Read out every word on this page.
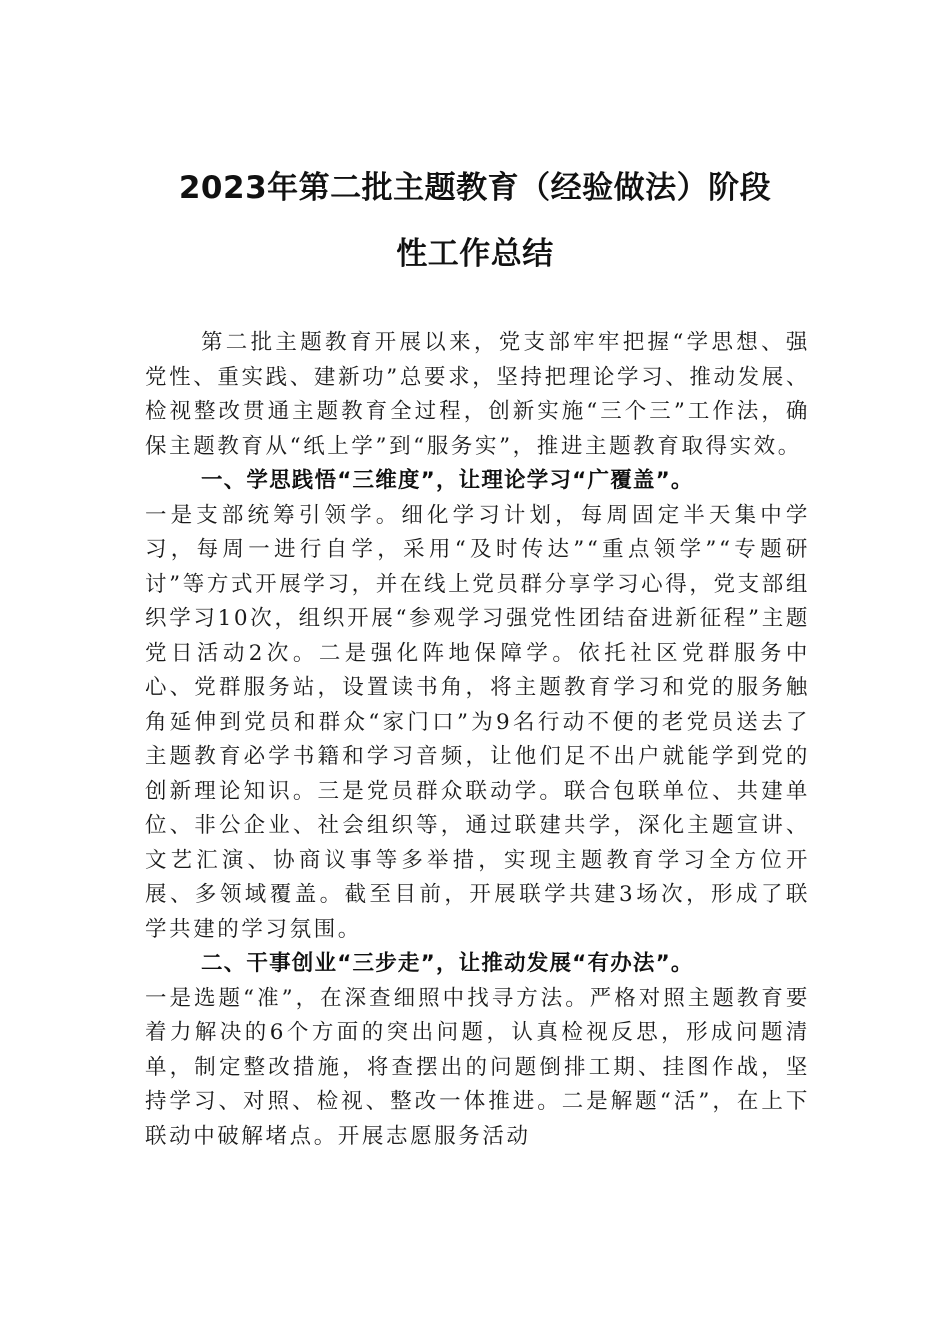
2023年第二批主题教育（经验做法）阶段
性工作总结

第二批主题教育开展以来，党支部牢牢把握“学思想、强党性、重实践、建新功”总要求，坚持把理论学习、推动发展、检视整改贯通主题教育全过程，创新实施“三个三”工作法，确保主题教育从“纸上学”到“服务实”，推进主题教育取得实效。

一、学思践悟“三维度”，让理论学习“广覆盖”。

一是支部统筹引领学。细化学习计划，每周固定半天集中学习，每周一进行自学，采用“及时传达”“重点领学”“专题研讨”等方式开展学习，并在线上党员群分享学习心得，党支部组织学习10次，组织开展“参观学习强党性团结奋进新征程”主题党日活动2次。二是强化阵地保障学。依托社区党群服务中心、党群服务站，设置读书角，将主题教育学习和党的服务触角延伸到党员和群众“家门口”为9名行动不便的老党员送去了主题教育必学书籍和学习音频，让他们足不出户就能学到党的创新理论知识。三是党员群众联动学。联合包联单位、共建单位、非公企业、社会组织等，通过联建共学，深化主题宣讲、文艺汇演、协商议事等多举措，实现主题教育学习全方位开展、多领域覆盖。截至目前，开展联学共建3场次，形成了联学共建的学习氛围。

二、干事创业“三步走”，让推动发展“有办法”。

一是选题“准”，在深查细照中找寻方法。严格对照主题教育要着力解决的6个方面的突出问题，认真检视反思，形成问题清单，制定整改措施，将查摆出的问题倒排工期、挂图作战，坚持学习、对照、检视、整改一体推进。二是解题“活”，在上下联动中破解堵点。开展志愿服务活动
